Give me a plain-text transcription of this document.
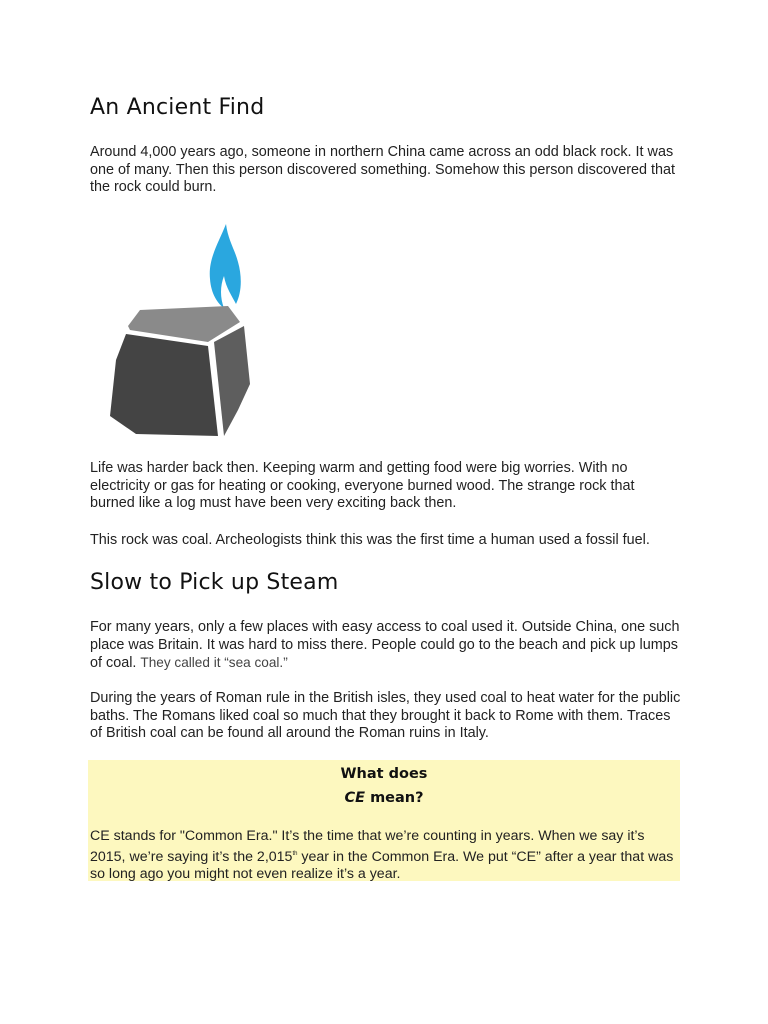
An Ancient Find

Around 4,000 years ago, someone in northern China came across an odd black rock. It was one of many. Then this person discovered something. Somehow this person discovered that the rock could burn.

Life was harder back then. Keeping warm and getting food were big worries. With no electricity or gas for heating or cooking, everyone burned wood. The strange rock that burned like a log must have been very exciting back then.

This rock was coal. Archeologists think this was the first time a human used a fossil fuel.

Slow to Pick up Steam

For many years, only a few places with easy access to coal used it. Outside China, one such place was Britain. It was hard to miss there. People could go to the beach and pick up lumps of coal. They called it “sea coal.”

During the years of Roman rule in the British isles, they used coal to heat water for the public baths. The Romans liked coal so much that they brought it back to Rome with them. Traces of British coal can be found all around the Roman ruins in Italy.

What does

CE mean?

CE stands for "Common Era." It’s the time that we’re counting in years. When we say it’s 2015, we’re saying it’s the 2,015th year in the Common Era. We put “CE” after a year that was so long ago you might not even realize it’s a year.
